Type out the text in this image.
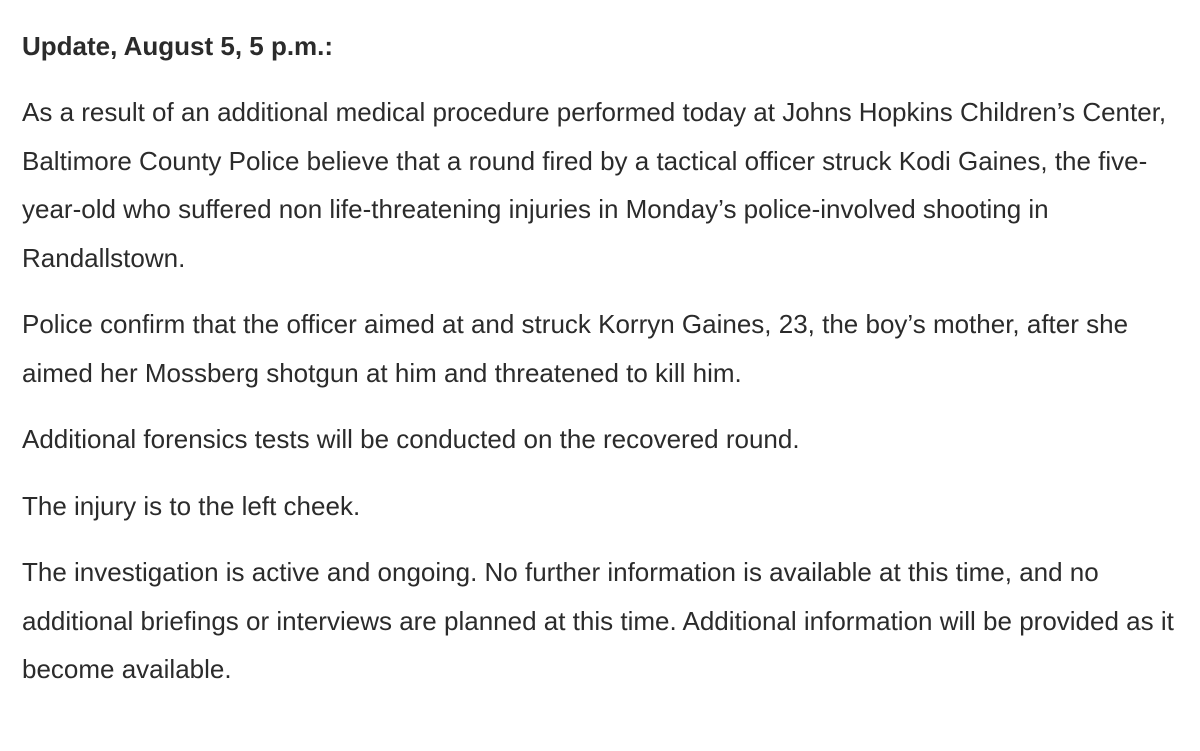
Update, August 5, 5 p.m.:

As a result of an additional medical procedure performed today at Johns Hopkins Children’s Center, Baltimore County Police believe that a round fired by a tactical officer struck Kodi Gaines, the five-year-old who suffered non life-threatening injuries in Monday’s police-involved shooting in Randallstown.

Police confirm that the officer aimed at and struck Korryn Gaines, 23, the boy’s mother, after she aimed her Mossberg shotgun at him and threatened to kill him.

Additional forensics tests will be conducted on the recovered round.

The injury is to the left cheek.

The investigation is active and ongoing. No further information is available at this time, and no additional briefings or interviews are planned at this time. Additional information will be provided as it become available.
